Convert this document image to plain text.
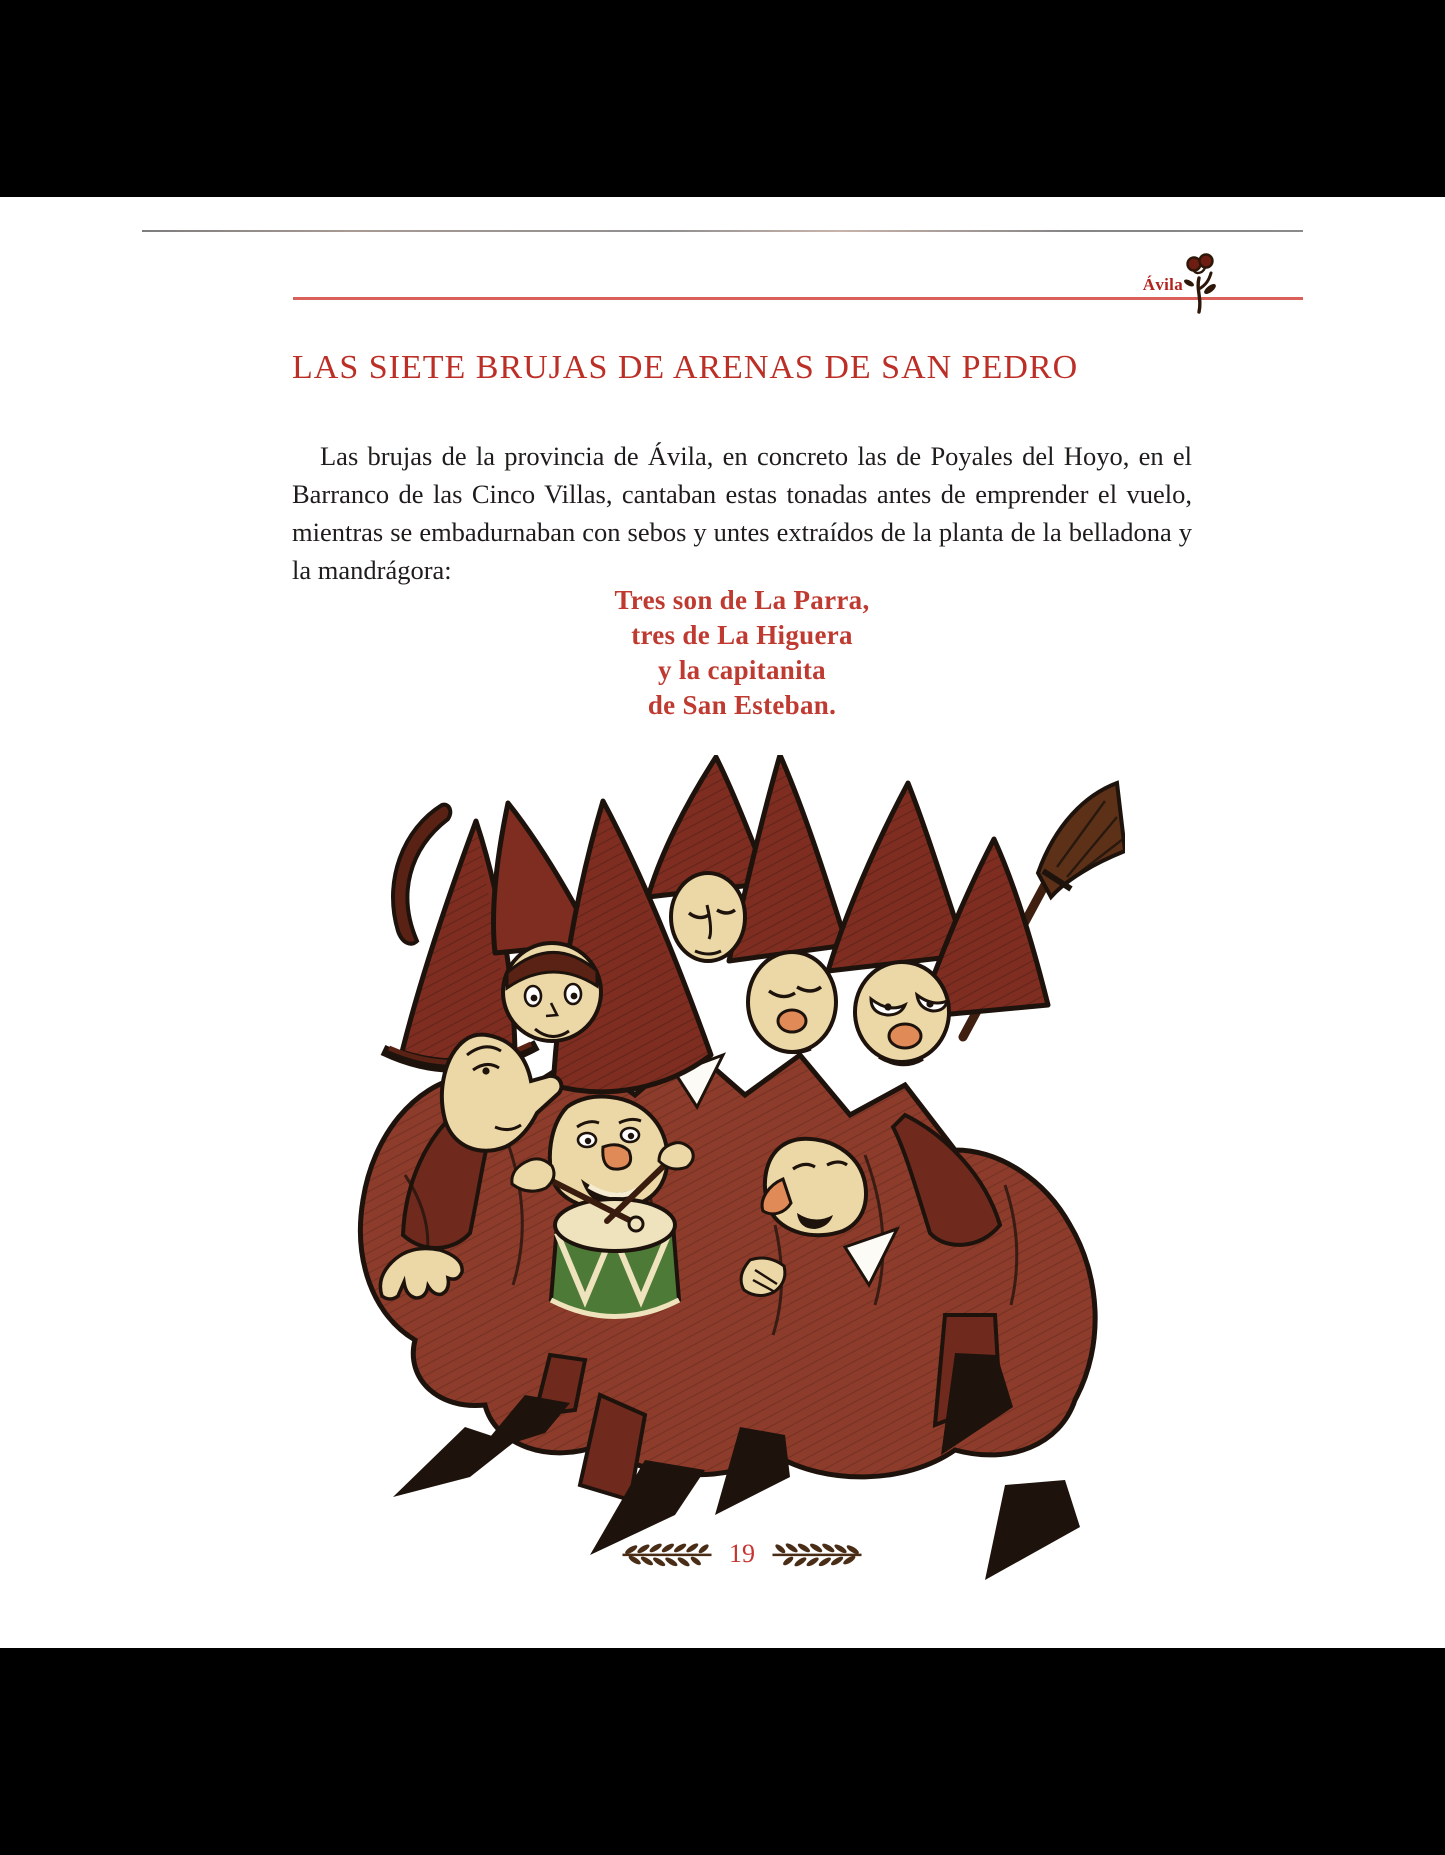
Ávila
LAS SIETE BRUJAS DE ARENAS DE SAN PEDRO

Las brujas de la provincia de Ávila, en concreto las de Poyales del Hoyo, en el Barranco de las Cinco Villas, cantaban estas tonadas antes de emprender el vuelo, mientras se embadurnaban con sebos y untes extraídos de la planta de la belladona y la mandrágora:

Tres son de La Parra,
tres de La Higuera
y la capitanita
de San Esteban.
19
